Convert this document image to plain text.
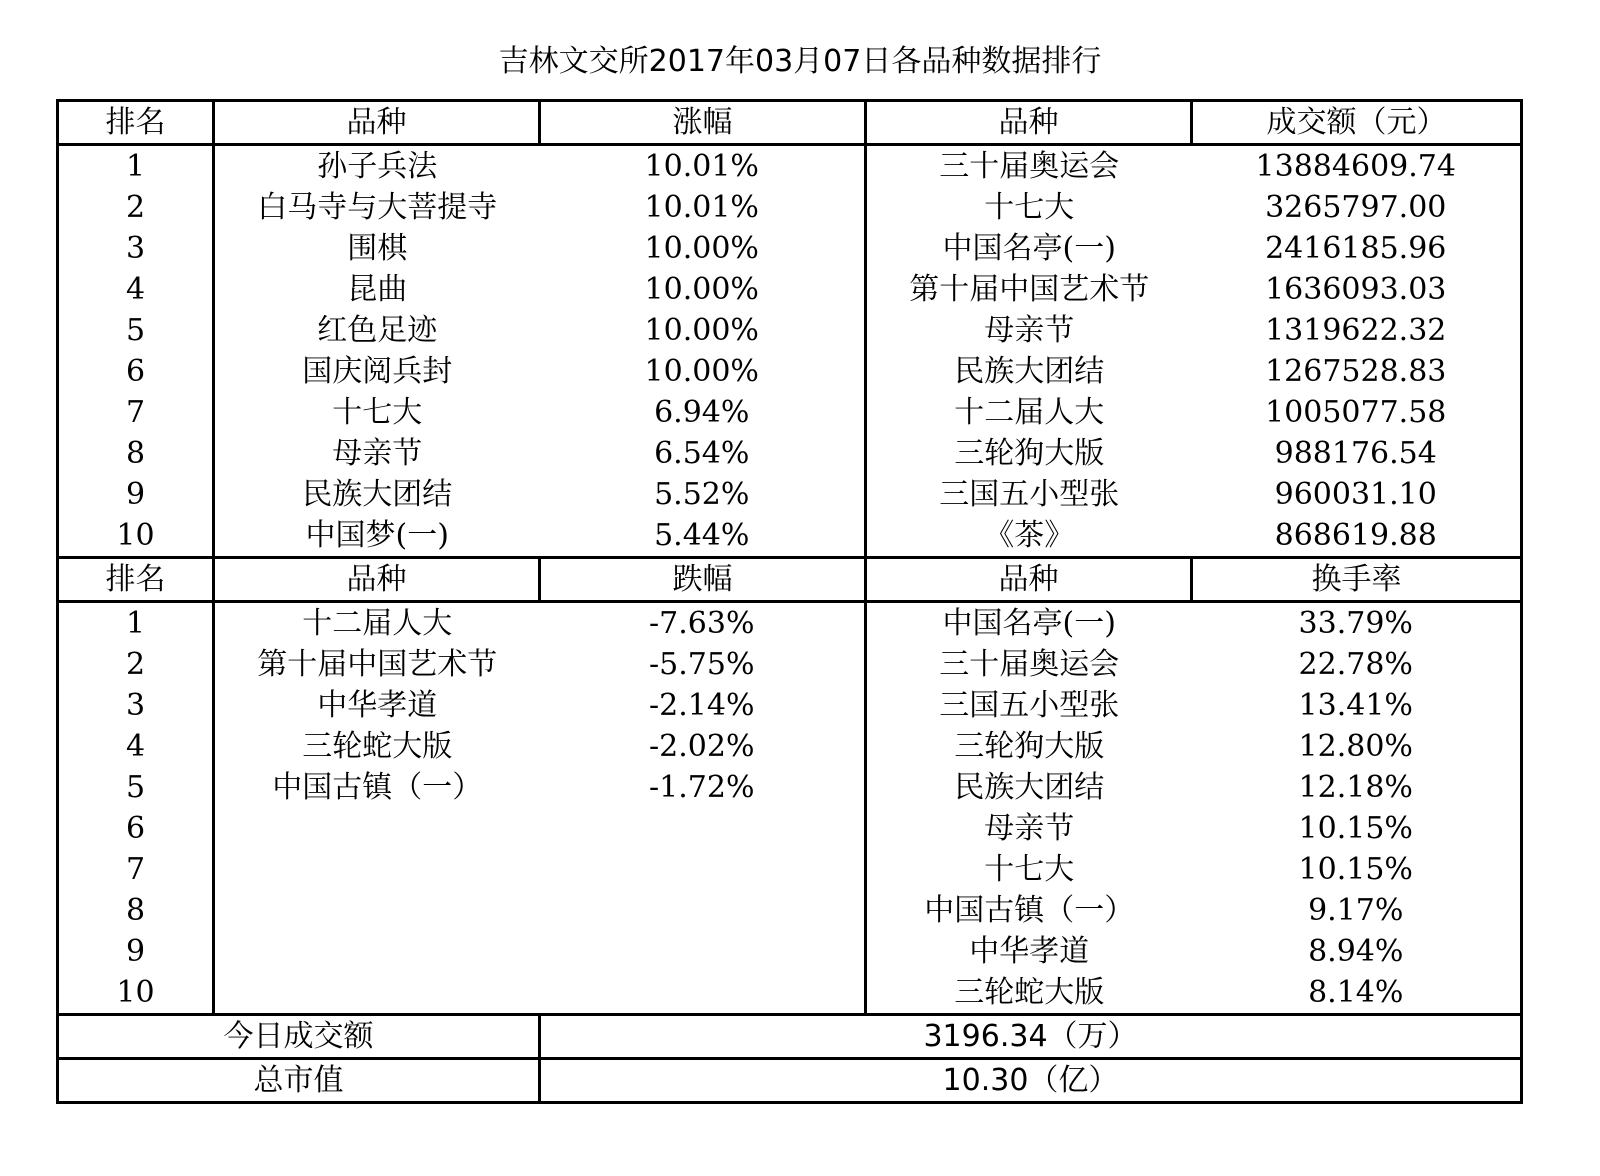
吉林文交所2017年03月07日各品种数据排行
排名	品种	涨幅	品种	成交额（元）
1	孙子兵法	10.01%	三十届奥运会	13884609.74
2	白马寺与大菩提寺	10.01%	十七大	3265797.00
3	围棋	10.00%	中国名亭(一)	2416185.96
4	昆曲	10.00%	第十届中国艺术节	1636093.03
5	红色足迹	10.00%	母亲节	1319622.32
6	国庆阅兵封	10.00%	民族大团结	1267528.83
7	十七大	6.94%	十二届人大	1005077.58
8	母亲节	6.54%	三轮狗大版	988176.54
9	民族大团结	5.52%	三国五小型张	960031.10
10	中国梦(一)	5.44%	《茶》	868619.88
排名	品种	跌幅	品种	换手率
1	十二届人大	-7.63%	中国名亭(一)	33.79%
2	第十届中国艺术节	-5.75%	三十届奥运会	22.78%
3	中华孝道	-2.14%	三国五小型张	13.41%
4	三轮蛇大版	-2.02%	三轮狗大版	12.80%
5	中国古镇（一）	-1.72%	民族大团结	12.18%
6			母亲节	10.15%
7			十七大	10.15%
8			中国古镇（一）	9.17%
9			中华孝道	8.94%
10			三轮蛇大版	8.14%
今日成交额		3196.34（万）		
总市值		10.30（亿）		
